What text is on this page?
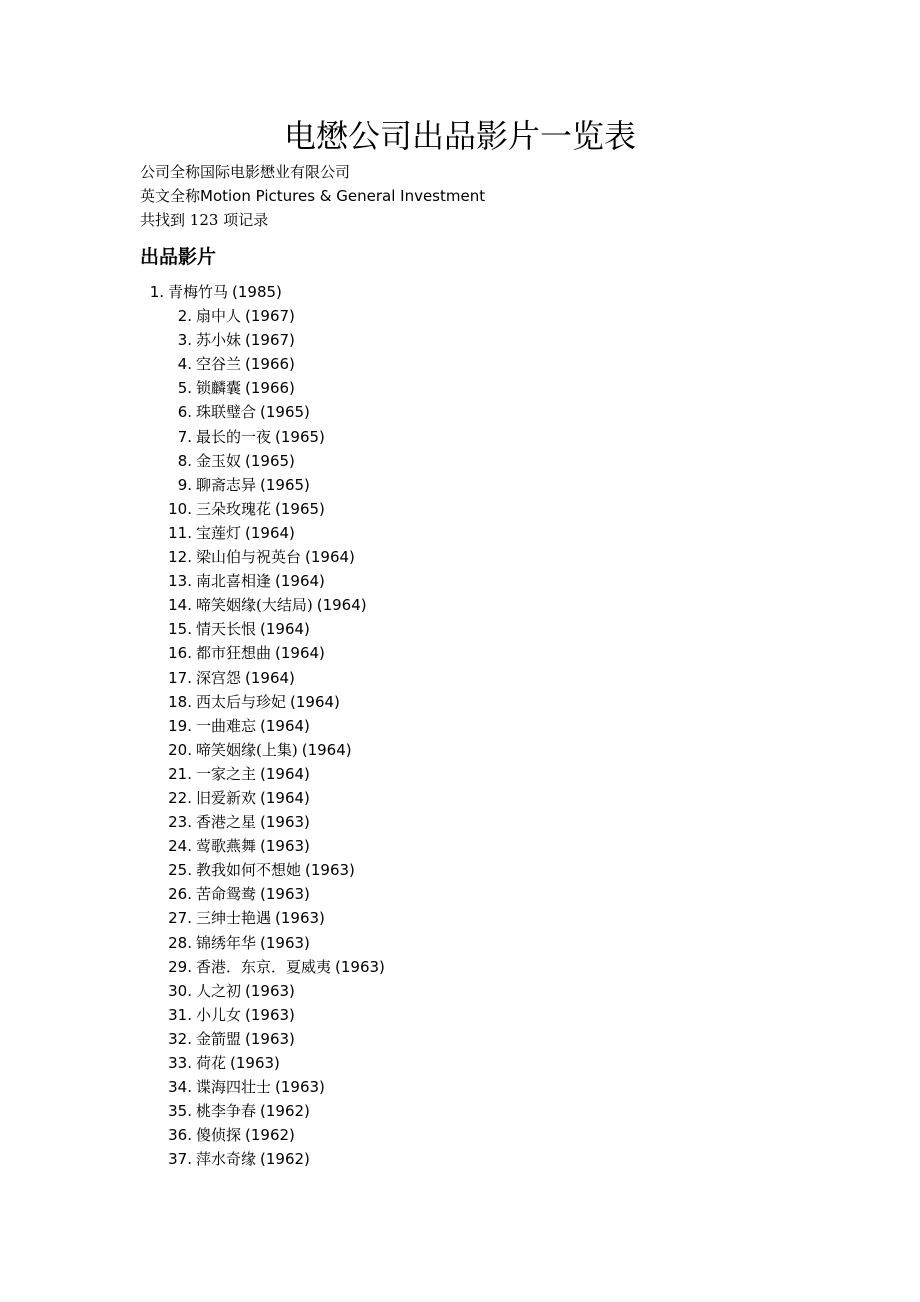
电懋公司出品影片一览表
公司全称国际电影懋业有限公司
英文全称Motion Pictures & General Investment
共找到 123 项记录
出品影片
1. 青梅竹马 (1985)
2. 扇中人 (1967)
3. 苏小妹 (1967)
4. 空谷兰 (1966)
5. 锁麟囊 (1966)
6. 珠联璧合 (1965)
7. 最长的一夜 (1965)
8. 金玉奴 (1965)
9. 聊斋志异 (1965)
10. 三朵玫瑰花 (1965)
11. 宝莲灯 (1964)
12. 梁山伯与祝英台 (1964)
13. 南北喜相逢 (1964)
14. 啼笑姻缘(大结局) (1964)
15. 情天长恨 (1964)
16. 都市狂想曲 (1964)
17. 深宫怨 (1964)
18. 西太后与珍妃 (1964)
19. 一曲难忘 (1964)
20. 啼笑姻缘(上集) (1964)
21. 一家之主 (1964)
22. 旧爱新欢 (1964)
23. 香港之星 (1963)
24. 莺歌燕舞 (1963)
25. 教我如何不想她 (1963)
26. 苦命鸳鸯 (1963)
27. 三绅士艳遇 (1963)
28. 锦绣年华 (1963)
29. 香港．东京．夏威夷 (1963)
30. 人之初 (1963)
31. 小儿女 (1963)
32. 金箭盟 (1963)
33. 荷花 (1963)
34. 谍海四壮士 (1963)
35. 桃李争春 (1962)
36. 傻侦探 (1962)
37. 萍水奇缘 (1962)
